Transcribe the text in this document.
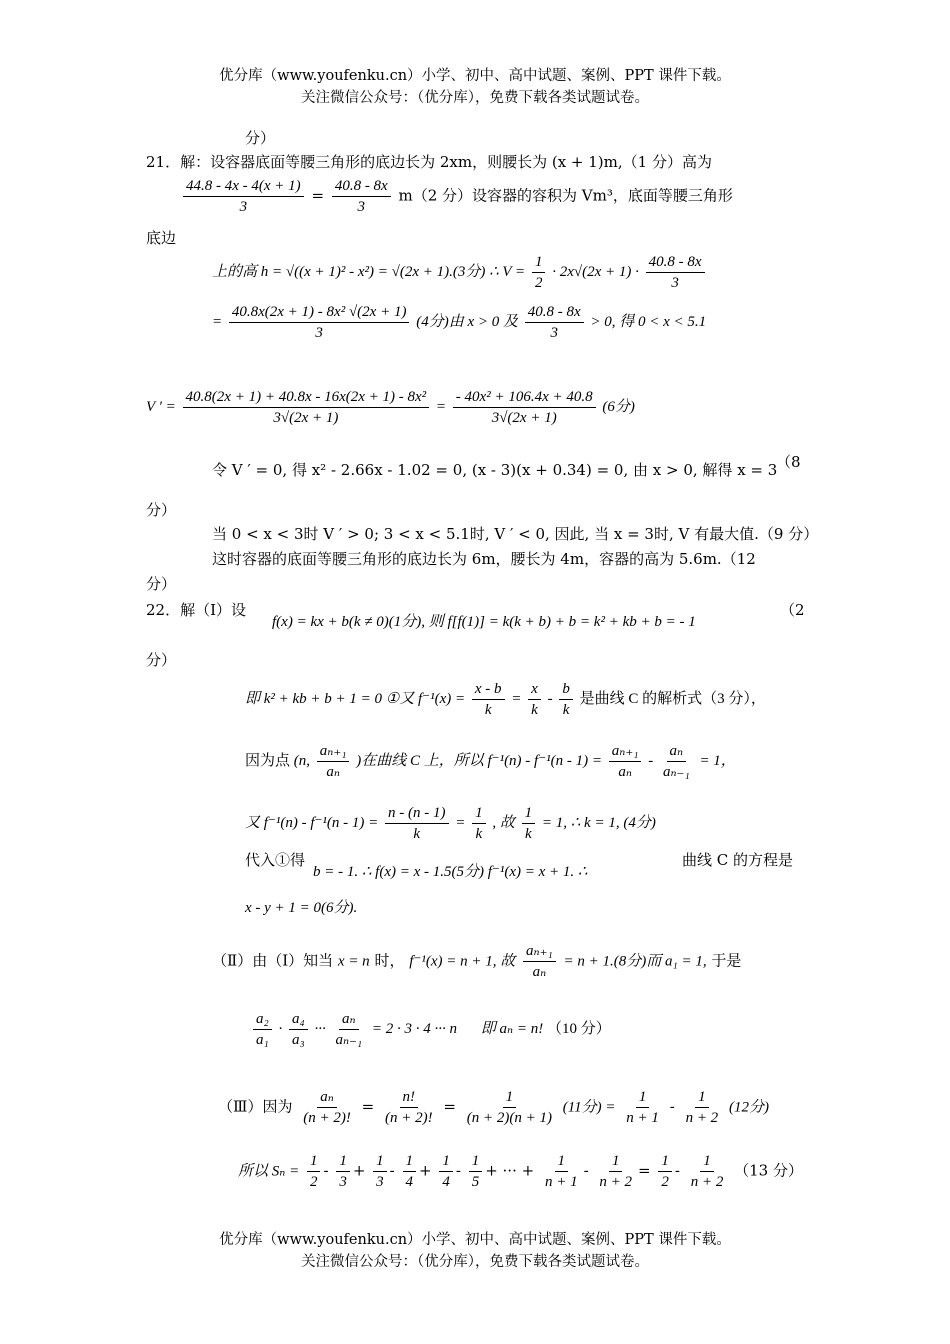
优分库（www.youfenku.cn）小学、初中、高中试题、案例、PPT 课件下载。
关注微信公众号：（优分库），免费下载各类试题试卷。
分）
21．解：设容器底面等腰三角形的底边长为 2xm，则腰长为 (x + 1)m,（1 分）高为
$\frac{44.8 - 4x - 4(x + 1)}{3} = \frac{40.8 - 8x}{3} m(2$ 分）设容器的容积为 Vm³，底面等腰三角形
底边
上的高 h = √((x + 1)² - x²) = √(2x + 1).(3分) ∴ $V = \frac{1}{2} \cdot 2x√(2x + 1) \cdot \frac{40.8 - 8x}{3}$
= $\frac{\text{40.8x(2x + 1) - 8x² √(2x + 1)}}{3} (4$分)由 x > 0 及 $\frac{40.8 - 8x}{3} > 0$, 得 0 < x < 5.1
V ′ = $\frac{\text{40.8(2x + 1) + 40.8x - 16x(2x + 1) - 8x²}}{3√(2x + 1)} = \frac{\text{- 40x² + 106.4x + 40.8}}{3√(2x + 1)} (6$分)
令 V ′ = 0, 得 x² - 2.66x - 1.02 = 0, (x - 3)(x + 0.34) = 0, 由 x > 0, 解得 x = 3
（8
分）
当 0 < x < 3时 V ′ > 0; 3 < x < 5.1时, V ′ < 0, 因此, 当 x = 3时, V 有最大值.（9 分）
这时容器的底面等腰三角形的底边长为 6m，腰长为 4m，容器的高为 5.6m.（12
分）
22．解（Ⅰ）设
f(x) = kx + b(k ≠ 0)(1分), 则 f[f(1)] = k(k + b) + b = k² + kb + b = - 1
（2
分）
即 k² + kb + b + 1 = 0 ①又 $f^{-1}(x) = \frac{x - b}{k} = \frac{x}{k} - \frac{b}{k}$ 是曲线 C 的解析式（3 分），
因为点 (n, $\frac{\text{aₙ₊₁}}{\text{aₙ}}$ )在曲线 C 上，所以 $f^{-1}(n) - f^{-1}(n - 1) = \frac{\text{aₙ₊₁}}{\text{aₙ}} - \frac{\text{aₙ}}{\text{aₙ₋₁}} = 1$，
又 $f^{-1}(n) - f^{-1}(n - 1) = \frac{n - (n - 1)}{k} = \frac{1}{k}$ , 故 $\frac{1}{k} = 1$, ∴ k = 1, (4分)
代入①得
b = - 1. ∴ f(x) = x - 1.5(5分) f⁻¹(x) = x + 1. ∴
曲线 C 的方程是
x - y + 1 = 0(6分).
（Ⅱ）由（Ⅰ）知当 x = n 时， f⁻¹(x) = n + 1, 故 $\frac{\text{aₙ₊₁}}{\text{aₙ}} = n + 1.(8$分)而 a₁ = 1, 于是
$\frac{\text{a₂}}{\text{a₁}} \cdot \frac{\text{a₄}}{\text{a₃}}$ ··· $\frac{\text{aₙ}}{\text{aₙ₋₁}} = 2 \cdot 3 \cdot 4$ ··· n 即 aₙ = n! （10 分）
（Ⅲ）因为 $\frac{\text{aₙ}}{(n + 2)!} = \frac{n!}{(n + 2)!} = \frac{1}{(n + 2)(n + 1)} (11$分) = $\frac{1}{n + 1} - \frac{1}{n + 2} (12$分)
所以 $S_n = \frac{1}{2} - \frac{1}{3} + \frac{1}{3} - \frac{1}{4} + \frac{1}{4} - \frac{1}{5}$ + ··· + $\frac{1}{n + 1} - \frac{1}{n + 2} = \frac{1}{2} - \frac{1}{n + 2} (13$ 分）
优分库（www.youfenku.cn）小学、初中、高中试题、案例、PPT 课件下载。
关注微信公众号：（优分库），免费下载各类试题试卷。
